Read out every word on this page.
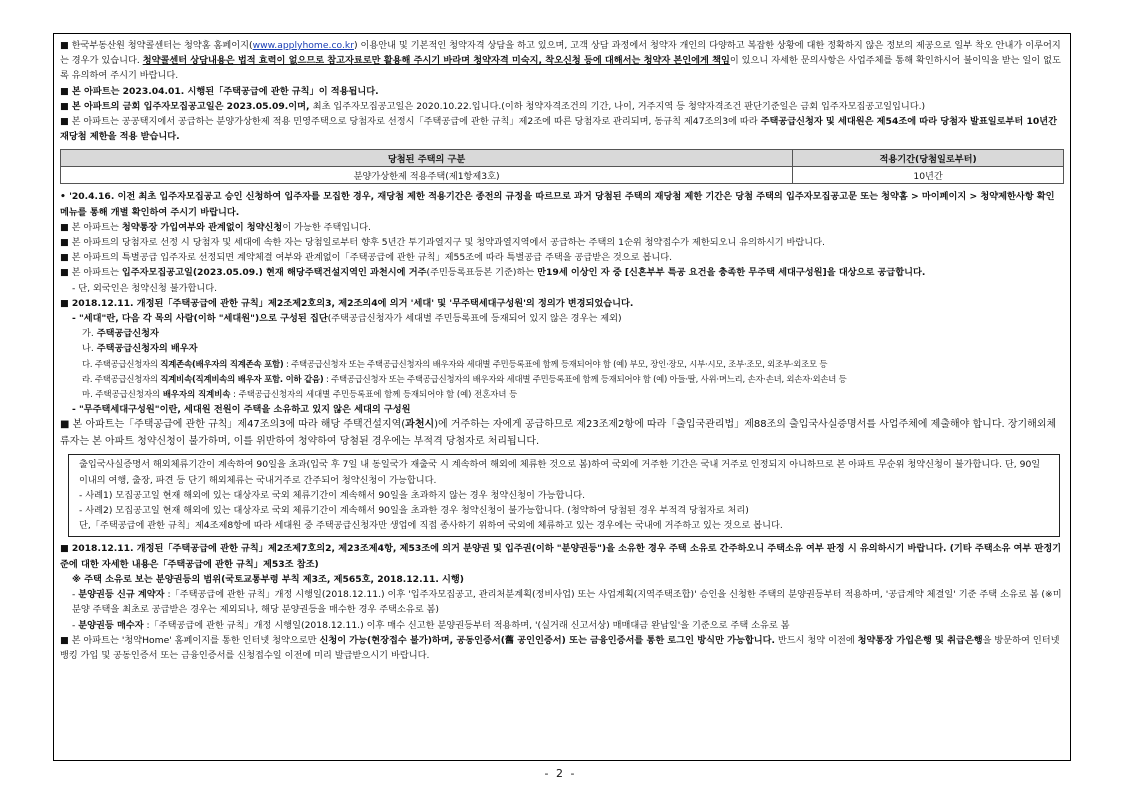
■ 한국부동산원 청약콜센터는 청약홈 홈페이지(www.applyhome.co.kr) 이용안내 및 기본적인 청약자격 상담을 하고 있으며, 고객 상담 과정에서 청약자 개인의 다양하고 복잡한 상황에 대한 정확하지 않은 정보의 제공으로 일부 착오 안내가 이루어지는 경우가 있습니다. 청약콜센터 상담내용은 법적 효력이 없으므로 참고자료로만 활용해 주시기 바라며 청약자격 미숙지, 착오신청 등에 대해서는 청약자 본인에게 책임이 있으니 자세한 문의사항은 사업주체를 통해 확인하시어 불이익을 받는 일이 없도록 유의하여 주시기 바랍니다.

■ 본 아파트는 2023.04.01. 시행된「주택공급에 관한 규칙」이 적용됩니다.

■ 본 아파트의 금회 입주자모집공고일은 2023.05.09.이며, 최초 입주자모집공고일은 2020.10.22.입니다.(이하 청약자격조건의 기간, 나이, 거주지역 등 청약자격조건 판단기준일은 금회 입주자모집공고일입니다.)

■ 본 아파트는 공공택지에서 공급하는 분양가상한제 적용 민영주택으로 당첨자로 선정시「주택공급에 관한 규칙」제2조에 따른 당첨자로 관리되며, 동규칙 제47조의3에 따라 주택공급신청자 및 세대원은 제54조에 따라 당첨자 발표일로부터 10년간 재당첨 제한을 적용 받습니다.

당첨된 주택의 구분	적용기간(당첨일로부터)
분양가상한제 적용주택(제1항제3호)	10년간

• '20.4.16. 이전 최초 입주자모집공고 승인 신청하여 입주자를 모집한 경우, 재당첨 제한 적용기간은 종전의 규정을 따르므로 과거 당첨된 주택의 재당첨 제한 기간은 당첨 주택의 입주자모집공고문 또는 청약홈 > 마이페이지 > 청약제한사항 확인 메뉴를 통해 개별 확인하여 주시기 바랍니다.

■ 본 아파트는 청약통장 가입여부와 관계없이 청약신청이 가능한 주택입니다.

■ 본 아파트의 당첨자로 선정 시 당첨자 및 세대에 속한 자는 당첨일로부터 향후 5년간 투기과열지구 및 청약과열지역에서 공급하는 주택의 1순위 청약접수가 제한되오니 유의하시기 바랍니다.

■ 본 아파트의 특별공급 입주자로 선정되면 계약체결 여부와 관계없이「주택공급에 관한 규칙」제55조에 따라 특별공급 주택을 공급받은 것으로 봅니다.

■ 본 아파트는 입주자모집공고일(2023.05.09.) 현재 해당주택건설지역인 과천시에 거주(주민등록표등본 기준)하는 만19세 이상인 자 중 [신혼부부 특공 요건을 충족한 무주택 세대구성원]을 대상으로 공급합니다.

- 단, 외국인은 청약신청 불가합니다.

■ 2018.12.11. 개정된「주택공급에 관한 규칙」제2조제2호의3, 제2조의4에 의거 '세대' 및 '무주택세대구성원'의 정의가 변경되었습니다.

- "세대"란, 다음 각 목의 사람(이하 "세대원")으로 구성된 집단(주택공급신청자가 세대별 주민등록표에 등재되어 있지 않은 경우는 제외)

가. 주택공급신청자

나. 주택공급신청자의 배우자

다. 주택공급신청자의 직계존속(배우자의 직계존속 포함) : 주택공급신청자 또는 주택공급신청자의 배우자와 세대별 주민등록표에 함께 등재되어야 함 (예) 부모, 장인·장모, 시부·시모, 조부·조모, 외조부·외조모 등

라. 주택공급신청자의 직계비속(직계비속의 배우자 포함. 이하 같음) : 주택공급신청자 또는 주택공급신청자의 배우자와 세대별 주민등록표에 함께 등재되어야 함 (예) 아들·딸, 사위·며느리, 손자·손녀, 외손자·외손녀 등

마. 주택공급신청자의 배우자의 직계비속 : 주택공급신청자의 세대별 주민등록표에 함께 등재되어야 함 (예) 전혼자녀 등

- "무주택세대구성원"이란, 세대원 전원이 주택을 소유하고 있지 않은 세대의 구성원

■ 본 아파트는「주택공급에 관한 규칙」제47조의3에 따라 해당 주택건설지역(과천시)에 거주하는 자에게 공급하므로 제23조제2항에 따라「출입국관리법」제88조의 출입국사실증명서를 사업주체에 제출해야 합니다. 장기해외체류자는 본 아파트 청약신청이 불가하며, 이를 위반하여 청약하여 당첨된 경우에는 부적격 당첨자로 처리됩니다.

출입국사실증명서 해외체류기간이 계속하여 90일을 초과(입국 후 7일 내 동일국가 재출국 시 계속하여 해외에 체류한 것으로 봄)하여 국외에 거주한 기간은 국내 거주로 인정되지 아니하므로 본 아파트 무순위 청약신청이 불가합니다. 단, 90일 이내의 여행, 출장, 파견 등 단기 해외체류는 국내거주로 간주되어 청약신청이 가능합니다.

- 사례1) 모집공고일 현재 해외에 있는 대상자로 국외 체류기간이 계속해서 90일을 초과하지 않는 경우 청약신청이 가능합니다.

- 사례2) 모집공고일 현재 해외에 있는 대상자로 국외 체류기간이 계속해서 90일을 초과한 경우 청약신청이 불가능합니다. (청약하여 당첨된 경우 부적격 당첨자로 처리)

단,「주택공급에 관한 규칙」제4조제8항에 따라 세대원 중 주택공급신청자만 생업에 직접 종사하기 위하여 국외에 체류하고 있는 경우에는 국내에 거주하고 있는 것으로 봅니다.

■ 2018.12.11. 개정된「주택공급에 관한 규칙」제2조제7호의2, 제23조제4항, 제53조에 의거 분양권 및 입주권(이하 "분양권등")을 소유한 경우 주택 소유로 간주하오니 주택소유 여부 판정 시 유의하시기 바랍니다. (기타 주택소유 여부 판정기준에 대한 자세한 내용은「주택공급에 관한 규칙」제53조 참조)

※ 주택 소유로 보는 분양권등의 범위(국토교통부령 부칙 제3조, 제565호, 2018.12.11. 시행)

- 분양권등 신규 계약자 :「주택공급에 관한 규칙」개정 시행일(2018.12.11.) 이후 '입주자모집공고, 관리처분계획(정비사업) 또는 사업계획(지역주택조합)' 승인을 신청한 주택의 분양권등부터 적용하며, '공급계약 체결일' 기준 주택 소유로 봄 (※미분양 주택을 최초로 공급받은 경우는 제외되나, 해당 분양권등을 매수한 경우 주택소유로 봄)

- 분양권등 매수자 :「주택공급에 관한 규칙」개정 시행일(2018.12.11.) 이후 매수 신고한 분양권등부터 적용하며, '(실거래 신고서상) 매매대금 완납일'을 기준으로 주택 소유로 봄

■ 본 아파트는 '청약Home' 홈페이지를 통한 인터넷 청약으로만 신청이 가능(현장접수 불가)하며, 공동인증서(舊 공인인증서) 또는 금융인증서를 통한 로그인 방식만 가능합니다. 반드시 청약 이전에 청약통장 가입은행 및 취급은행을 방문하여 인터넷뱅킹 가입 및 공동인증서 또는 금융인증서를 신청접수일 이전에 미리 발급받으시기 바랍니다.

- 2 -
